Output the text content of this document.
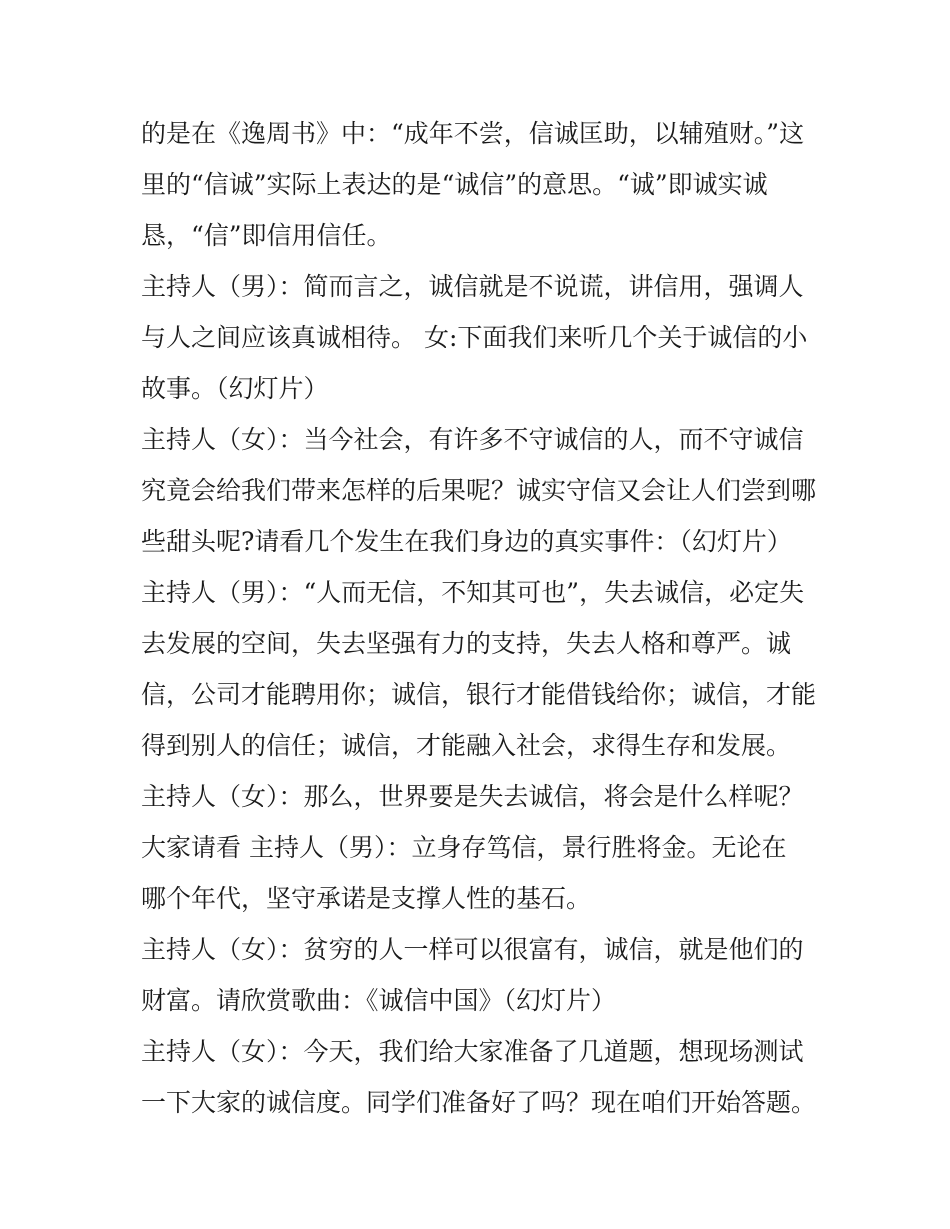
的是在《逸周书》中：“成年不尝，信诚匡助，以辅殖财。”这
里的“信诚”实际上表达的是“诚信”的意思。“诚”即诚实诚
恳，“信”即信用信任。
主持人（男）：简而言之，诚信就是不说谎，讲信用，强调人
与人之间应该真诚相待。 女:下面我们来听几个关于诚信的小
故事。（幻灯片）
主持人（女）：当今社会，有许多不守诚信的人，而不守诚信
究竟会给我们带来怎样的后果呢？诚实守信又会让人们尝到哪
些甜头呢?请看几个发生在我们身边的真实事件：（幻灯片）
主持人（男）：“人而无信，不知其可也”，失去诚信，必定失
去发展的空间，失去坚强有力的支持，失去人格和尊严。诚
信，公司才能聘用你；诚信，银行才能借钱给你；诚信，才能
得到别人的信任；诚信，才能融入社会，求得生存和发展。
主持人（女）：那么，世界要是失去诚信，将会是什么样呢？
大家请看 主持人（男）：立身存笃信，景行胜将金。无论在
哪个年代，坚守承诺是支撑人性的基石。
主持人（女）：贫穷的人一样可以很富有，诚信，就是他们的
财富。请欣赏歌曲：《诚信中国》（幻灯片）
主持人（女）：今天，我们给大家准备了几道题，想现场测试
一下大家的诚信度。同学们准备好了吗？现在咱们开始答题。
